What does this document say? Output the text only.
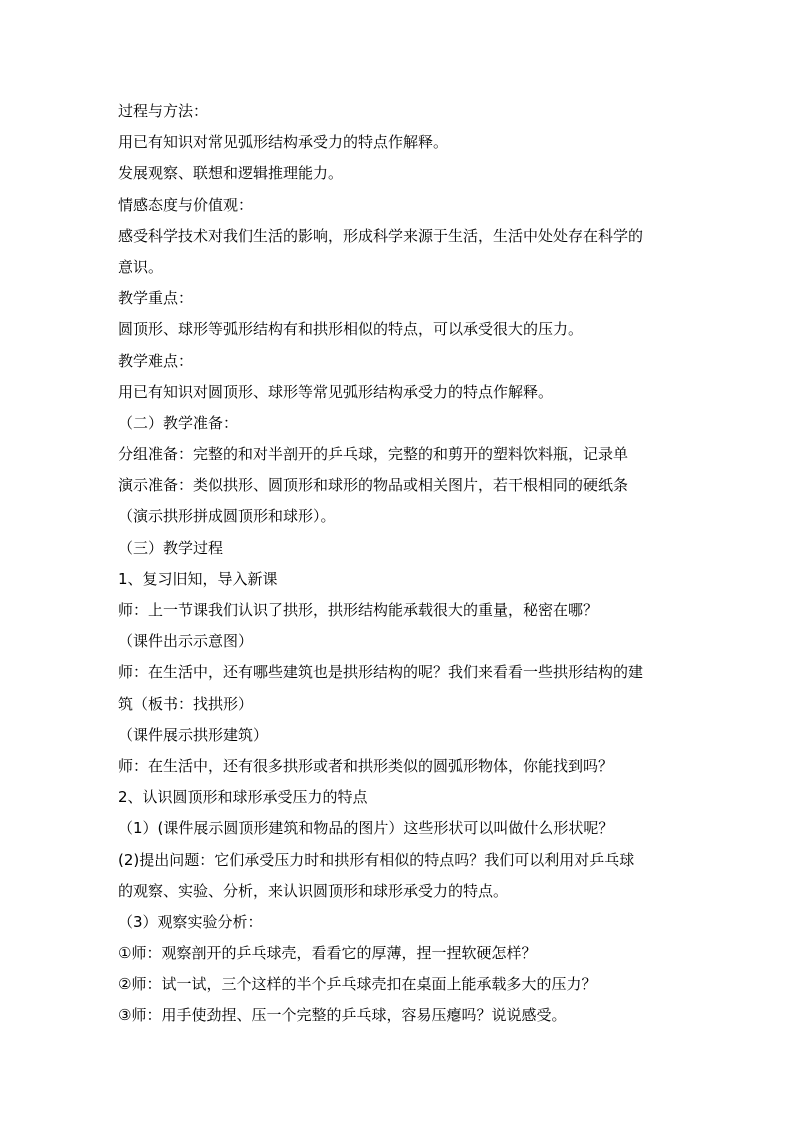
过程与方法：

用已有知识对常见弧形结构承受力的特点作解释。

发展观察、联想和逻辑推理能力。

情感态度与价值观：

感受科学技术对我们生活的影响，形成科学来源于生活，生活中处处存在科学的

意识。

教学重点：

圆顶形、球形等弧形结构有和拱形相似的特点，可以承受很大的压力。

教学难点：

用已有知识对圆顶形、球形等常见弧形结构承受力的特点作解释。

（二）教学准备：

分组准备：完整的和对半剖开的乒乓球，完整的和剪开的塑料饮料瓶，记录单

演示准备：类似拱形、圆顶形和球形的物品或相关图片，若干根相同的硬纸条

（演示拱形拼成圆顶形和球形）。

（三）教学过程

1、复习旧知，导入新课

师：上一节课我们认识了拱形，拱形结构能承载很大的重量，秘密在哪？

（课件出示示意图）

师：在生活中，还有哪些建筑也是拱形结构的呢？我们来看看一些拱形结构的建

筑（板书：找拱形）

（课件展示拱形建筑）

师：在生活中，还有很多拱形或者和拱形类似的圆弧形物体，你能找到吗？

2、认识圆顶形和球形承受压力的特点

（1）(课件展示圆顶形建筑和物品的图片）这些形状可以叫做什么形状呢？

(2)提出问题：它们承受压力时和拱形有相似的特点吗？我们可以利用对乒乓球

的观察、实验、分析，来认识圆顶形和球形承受力的特点。

（3）观察实验分析：

①师：观察剖开的乒乓球壳，看看它的厚薄，捏一捏软硬怎样？

②师：试一试，三个这样的半个乒乓球壳扣在桌面上能承载多大的压力？

③师：用手使劲捏、压一个完整的乒乓球，容易压瘪吗？说说感受。
